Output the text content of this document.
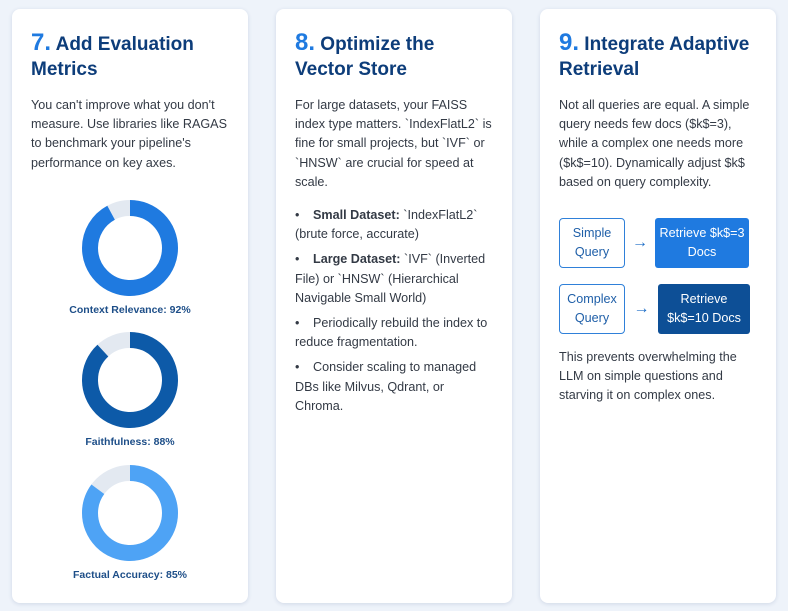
7. Add Evaluation Metrics

You can't improve what you don't measure. Use libraries like RAGAS to benchmark your pipeline's performance on key axes.

Context Relevance: 92%
Faithfulness: 88%
Factual Accuracy: 85%
8. Optimize the Vector Store

For large datasets, your FAISS index type matters. `IndexFlatL2` is fine for small projects, but `IVF` or `HNSW` are crucial for speed at scale.

• Small Dataset: `IndexFlatL2` (brute force, accurate)
• Large Dataset: `IVF` (Inverted File) or `HNSW` (Hierarchical Navigable Small World)
• Periodically rebuild the index to reduce fragmentation.
• Consider scaling to managed DBs like Milvus, Qdrant, or Chroma.
9. Integrate Adaptive Retrieval

Not all queries are equal. A simple query needs few docs ($k$=3), while a complex one needs more ($k$=10). Dynamically adjust $k$ based on query complexity.

Simple Query
→
Retrieve $k$=3 Docs
Complex Query
→
Retrieve $k$=10 Docs

This prevents overwhelming the LLM on simple questions and starving it on complex ones.
